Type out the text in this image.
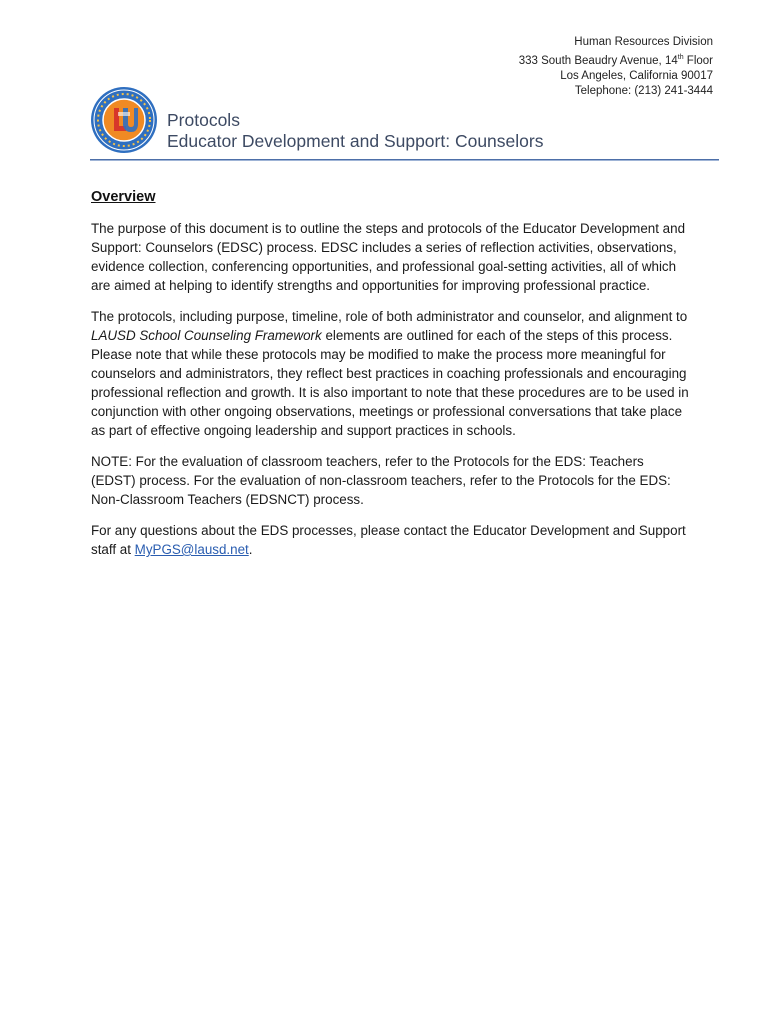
Human Resources Division
333 South Beaudry Avenue, 14th Floor
Los Angeles, California 90017
Telephone: (213) 241-3444
Protocols
Educator Development and Support: Counselors
Overview

The purpose of this document is to outline the steps and protocols of the Educator Development and Support: Counselors (EDSC) process. EDSC includes a series of reflection activities, observations, evidence collection, conferencing opportunities, and professional goal-setting activities, all of which are aimed at helping to identify strengths and opportunities for improving professional practice.

The protocols, including purpose, timeline, role of both administrator and counselor, and alignment to LAUSD School Counseling Framework elements are outlined for each of the steps of this process. Please note that while these protocols may be modified to make the process more meaningful for counselors and administrators, they reflect best practices in coaching professionals and encouraging professional reflection and growth. It is also important to note that these procedures are to be used in conjunction with other ongoing observations, meetings or professional conversations that take place as part of effective ongoing leadership and support practices in schools.

NOTE: For the evaluation of classroom teachers, refer to the Protocols for the EDS: Teachers (EDST) process. For the evaluation of non-classroom teachers, refer to the Protocols for the EDS: Non-Classroom Teachers (EDSNCT) process.

For any questions about the EDS processes, please contact the Educator Development and Support staff at MyPGS@lausd.net.
